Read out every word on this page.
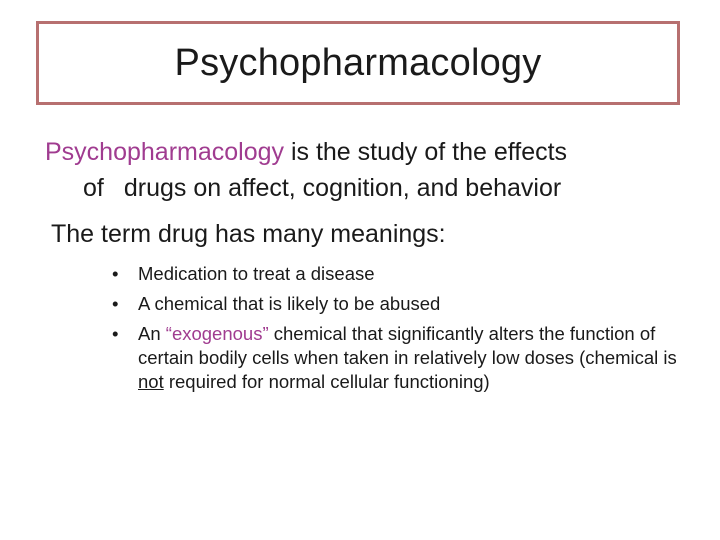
Psychopharmacology
Psychopharmacology is the study of the effects
of drugs on affect, cognition, and behavior
The term drug has many meanings:
•	Medication to treat a disease
•	A chemical that is likely to be abused
•	An “exogenous” chemical that significantly alters the function of certain bodily cells when taken in relatively low doses (chemical is not required for normal cellular functioning)
